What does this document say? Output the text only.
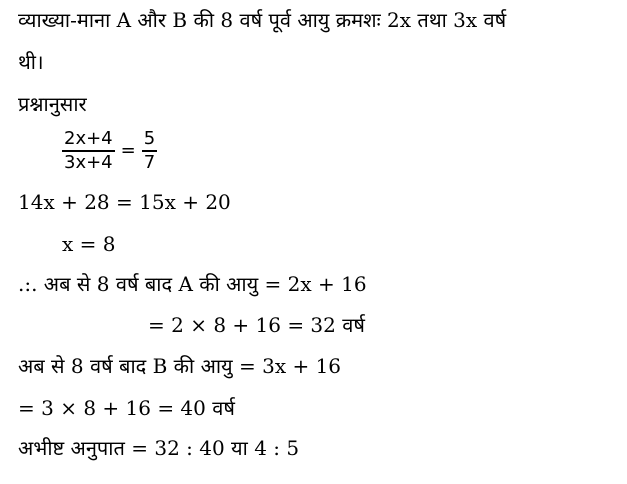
व्याख्या-माना A और B की 8 वर्ष पूर्व आयु क्रमशः 2x तथा 3x वर्ष
थी।
प्रश्नानुसार
$\frac{2x+4}{3x+4} = \frac{5}{7}$
14x + 28 = 15x + 20
x = 8
.:. अब से 8 वर्ष बाद A की आयु = 2x + 16
= 2 × 8 + 16 = 32 वर्ष
अब से 8 वर्ष बाद B की आयु = 3x + 16
= 3 × 8 + 16 = 40 वर्ष
अभीष्ट अनुपात = 32 : 40 या 4 : 5
